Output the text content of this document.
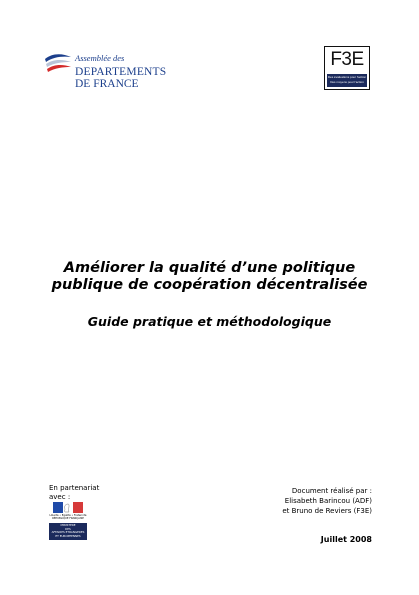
Assemblée des
DEPARTEMENTS
DE FRANCE
F3E
Des évaluations pour l'action
Des moyens pour l'action
Améliorer la qualité d’une politique
publique de coopération décentralisée
Guide pratique et méthodologique
En partenariat
avec :
Liberté • Égalité • Fraternité
RÉPUBLIQUE FRANÇAISE
MINISTÈRE
DES
AFFAIRES ÉTRANGÈRES
ET EUROPÉENNES
Document réalisé par :
Elisabeth Barincou (ADF)
et Bruno de Reviers (F3E)
Juillet 2008
